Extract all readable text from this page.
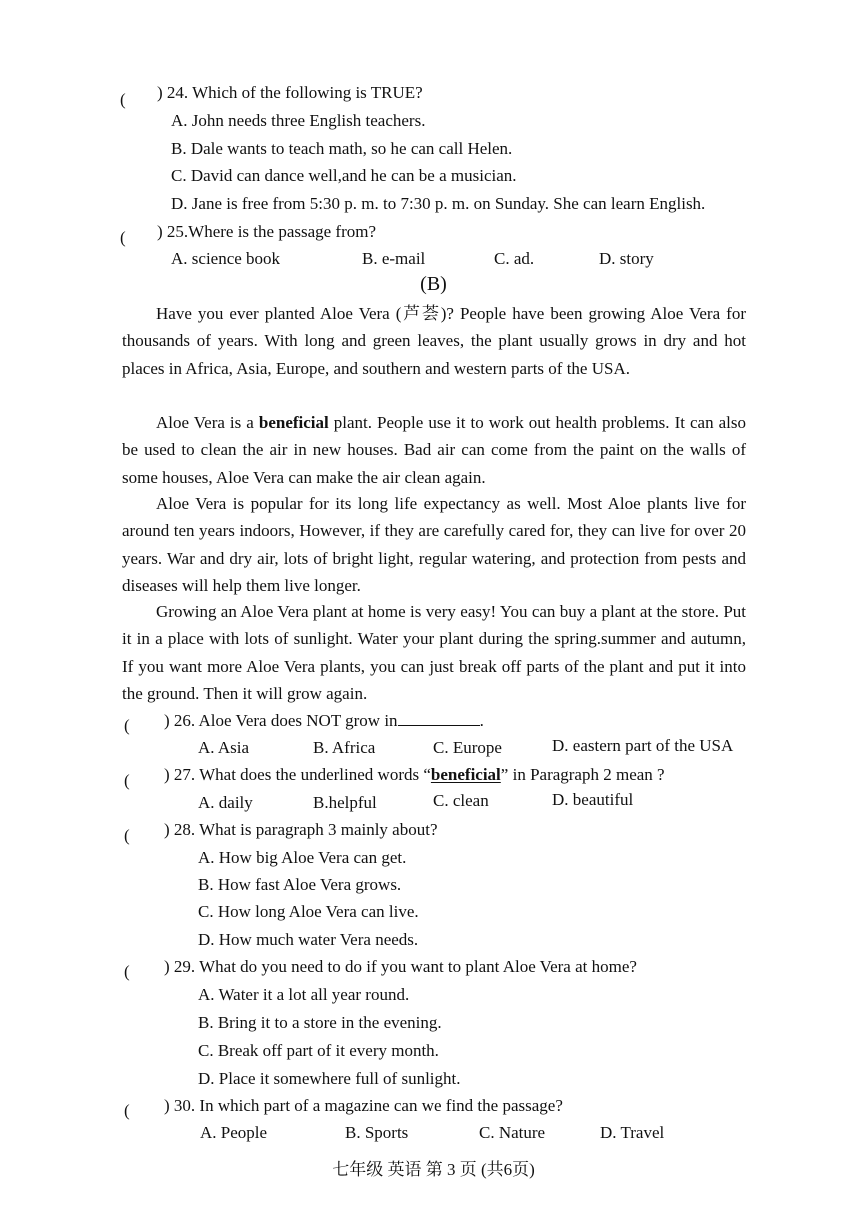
( ) 24. Which of the following is TRUE?
A. John needs three English teachers.
B. Dale wants to teach math, so he can call Helen.
C. David can dance well,and he can be a musician.
D. Jane is free from 5:30 p. m. to 7:30 p. m. on Sunday. She can learn English.
( ) 25.Where is the passage from?
A. science book	B. e-mail	C. ad.	D. story
(B)
Have you ever planted Aloe Vera (芦荟)? People have been growing Aloe Vera for thousands of years. With long and green leaves, the plant usually grows in dry and hot places in Africa, Asia, Europe, and southern and western parts of the USA.
Aloe Vera is a beneficial plant. People use it to work out health problems. It can also be used to clean the air in new houses. Bad air can come from the paint on the walls of some houses, Aloe Vera can make the air clean again.
Aloe Vera is popular for its long life expectancy as well. Most Aloe plants live for around ten years indoors, However, if they are carefully cared for, they can live for over 20 years. War and dry air, lots of bright light, regular watering, and protection from pests and diseases will help them live longer.
Growing an Aloe Vera plant at home is very easy! You can buy a plant at the store. Put it in a place with lots of sunlight. Water your plant during the spring.summer and autumn, If you want more Aloe Vera plants, you can just break off parts of the plant and put it into the ground. Then it will grow again.
( ) 26. Aloe Vera does NOT grow in	.
A. Asia	B. Africa	C. Europe	D. eastern part of the USA
( ) 27. What does the underlined words “beneficial” in Paragraph 2 mean ?
A. daily	B.helpful	C. clean	D. beautiful
( ) 28. What is paragraph 3 mainly about?
A. How big Aloe Vera can get.
B. How fast Aloe Vera grows.
C. How long Aloe Vera can live.
D. How much water Vera needs.
( ) 29. What do you need to do if you want to plant Aloe Vera at home?
A. Water it a lot all year round.
B. Bring it to a store in the evening.
C. Break off part of it every month.
D. Place it somewhere full of sunlight.
( ) 30. In which part of a magazine can we find the passage?
A. People	B. Sports	C. Nature	D. Travel
七年级 英语 第 3 页 (共6页)
